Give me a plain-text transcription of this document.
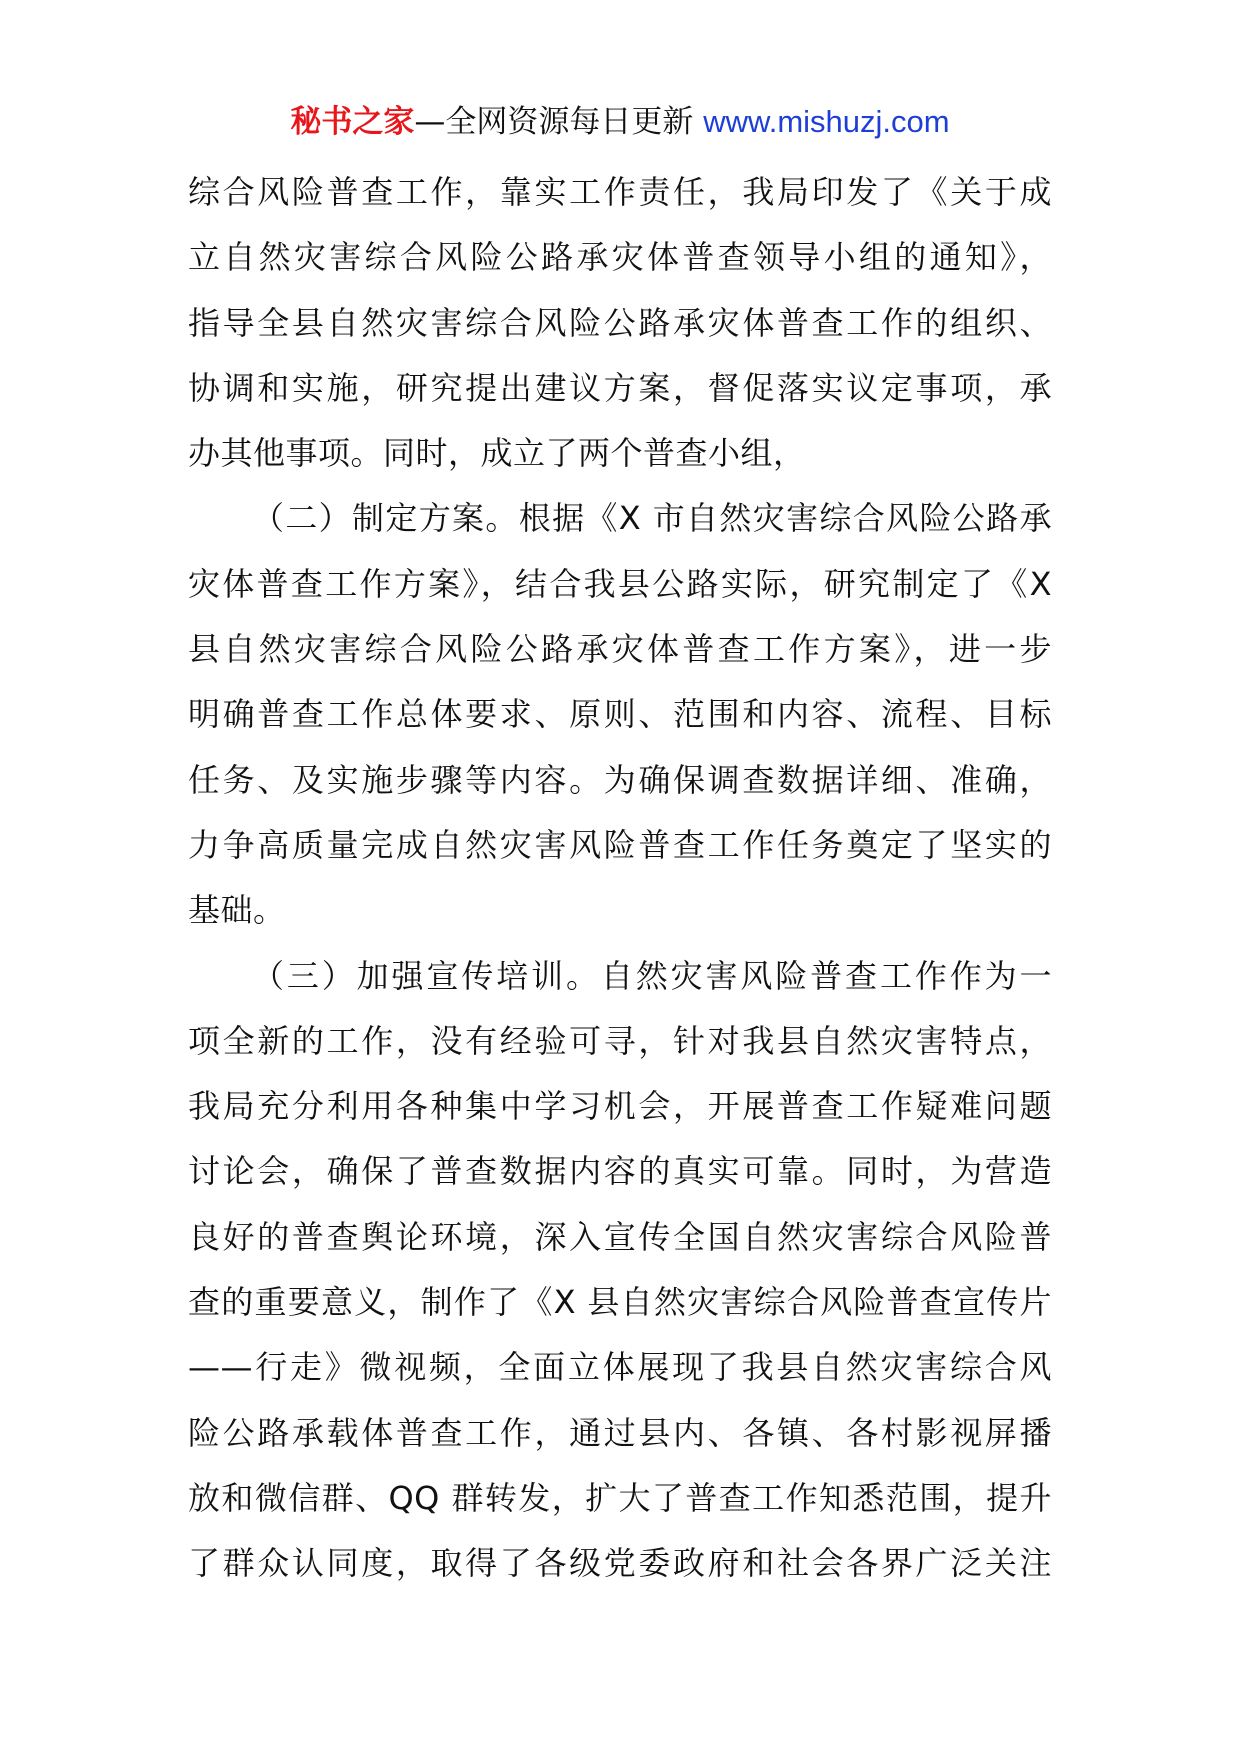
秘书之家—全网资源每日更新 www.mishuzj.com
综合风险普查工作，靠实工作责任，我局印发了《关于成
立自然灾害综合风险公路承灾体普查领导小组的通知》，
指导全县自然灾害综合风险公路承灾体普查工作的组织、
协调和实施，研究提出建议方案，督促落实议定事项，承
办其他事项。同时，成立了两个普查小组，
（二）制定方案。根据《X 市自然灾害综合风险公路承
灾体普查工作方案》，结合我县公路实际，研究制定了《X
县自然灾害综合风险公路承灾体普查工作方案》，进一步
明确普查工作总体要求、原则、范围和内容、流程、目标
任务、及实施步骤等内容。为确保调查数据详细、准确，
力争高质量完成自然灾害风险普查工作任务奠定了坚实的
基础。
（三）加强宣传培训。自然灾害风险普查工作作为一
项全新的工作，没有经验可寻，针对我县自然灾害特点，
我局充分利用各种集中学习机会，开展普查工作疑难问题
讨论会，确保了普查数据内容的真实可靠。同时，为营造
良好的普查舆论环境，深入宣传全国自然灾害综合风险普
查的重要意义，制作了《X 县自然灾害综合风险普查宣传片
——行走》微视频，全面立体展现了我县自然灾害综合风
险公路承载体普查工作，通过县内、各镇、各村影视屏播
放和微信群、QQ 群转发，扩大了普查工作知悉范围，提升
了群众认同度，取得了各级党委政府和社会各界广泛关注
